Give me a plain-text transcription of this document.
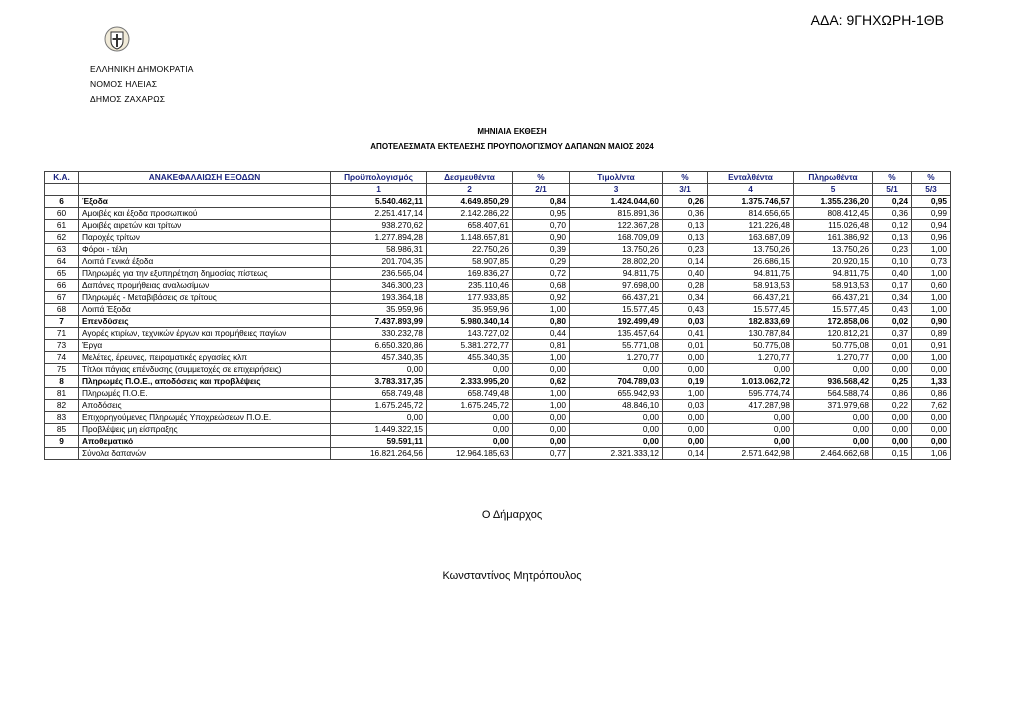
ΑΔΑ: 9ΓΗΧΩΡΗ-1ΘΒ
ΕΛΛΗΝΙΚΗ ΔΗΜΟΚΡΑΤΙΑ
ΝΟΜΟΣ ΗΛΕΙΑΣ
ΔΗΜΟΣ ΖΑΧΑΡΩΣ
ΜΗΝΙΑΙΑ ΕΚΘΕΣΗ
ΑΠΟΤΕΛΕΣΜΑΤΑ ΕΚΤΕΛΕΣΗΣ ΠΡΟΥΠΟΛΟΓΙΣΜΟΥ ΔΑΠΑΝΩΝ ΜΑΙΟΣ 2024
Κ.Α.	ΑΝΑΚΕΦΑΛΑΙΩΣΗ ΕΞΟΔΩΝ	Προϋπολογισμός	Δεσμευθέντα	%	Τιμολ/ντα	%	Ενταλθέντα	Πληρωθέντα	%	%
		1	2	2/1	3	3/1	4	5	5/1	5/3
6	Έξοδα	5.540.462,11	4.649.850,29	0,84	1.424.044,60	0,26	1.375.746,57	1.355.236,20	0,24	0,95
60	Αμοιβές και έξοδα προσωπικού	2.251.417,14	2.142.286,22	0,95	815.891,36	0,36	814.656,65	808.412,45	0,36	0,99
61	Αμοιβές αιρετών και τρίτων	938.270,62	658.407,61	0,70	122.367,28	0,13	121.226,48	115.026,48	0,12	0,94
62	Παροχές τρίτων	1.277.894,28	1.148.657,81	0,90	168.709,09	0,13	163.687,09	161.386,92	0,13	0,96
63	Φόροι - τέλη	58.986,31	22.750,26	0,39	13.750,26	0,23	13.750,26	13.750,26	0,23	1,00
64	Λοιπά Γενικά έξοδα	201.704,35	58.907,85	0,29	28.802,20	0,14	26.686,15	20.920,15	0,10	0,73
65	Πληρωμές για την εξυπηρέτηση δημοσίας πίστεως	236.565,04	169.836,27	0,72	94.811,75	0,40	94.811,75	94.811,75	0,40	1,00
66	Δαπάνες προμήθειας αναλωσίμων	346.300,23	235.110,46	0,68	97.698,00	0,28	58.913,53	58.913,53	0,17	0,60
67	Πληρωμές - Μεταβιβάσεις σε τρίτους	193.364,18	177.933,85	0,92	66.437,21	0,34	66.437,21	66.437,21	0,34	1,00
68	Λοιπά Έξοδα	35.959,96	35.959,96	1,00	15.577,45	0,43	15.577,45	15.577,45	0,43	1,00
7	Επενδύσεις	7.437.893,99	5.980.340,14	0,80	192.499,49	0,03	182.833,69	172.858,06	0,02	0,90
71	Αγορές κτιρίων, τεχνικών έργων και προμήθειες παγίων	330.232,78	143.727,02	0,44	135.457,64	0,41	130.787,84	120.812,21	0,37	0,89
73	Έργα	6.650.320,86	5.381.272,77	0,81	55.771,08	0,01	50.775,08	50.775,08	0,01	0,91
74	Μελέτες, έρευνες, πειραματικές εργασίες κλπ	457.340,35	455.340,35	1,00	1.270,77	0,00	1.270,77	1.270,77	0,00	1,00
75	Τίτλοι πάγιας επένδυσης (συμμετοχές σε επιχειρήσεις)	0,00	0,00	0,00	0,00	0,00	0,00	0,00	0,00	0,00
8	Πληρωμές Π.Ο.Ε., αποδόσεις και προβλέψεις	3.783.317,35	2.333.995,20	0,62	704.789,03	0,19	1.013.062,72	936.568,42	0,25	1,33
81	Πληρωμές Π.Ο.Ε.	658.749,48	658.749,48	1,00	655.942,93	1,00	595.774,74	564.588,74	0,86	0,86
82	Αποδόσεις	1.675.245,72	1.675.245,72	1,00	48.846,10	0,03	417.287,98	371.979,68	0,22	7,62
83	Επιχορηγούμενες Πληρωμές Υποχρεώσεων Π.Ο.Ε.	0,00	0,00	0,00	0,00	0,00	0,00	0,00	0,00	0,00
85	Προβλέψεις μη είσπραξης	1.449.322,15	0,00	0,00	0,00	0,00	0,00	0,00	0,00	0,00
9	Αποθεματικό	59.591,11	0,00	0,00	0,00	0,00	0,00	0,00	0,00	0,00
	Σύνολα δαπανών	16.821.264,56	12.964.185,63	0,77	2.321.333,12	0,14	2.571.642,98	2.464.662,68	0,15	1,06
Ο Δήμαρχος
Κωνσταντίνος Μητρόπουλος
